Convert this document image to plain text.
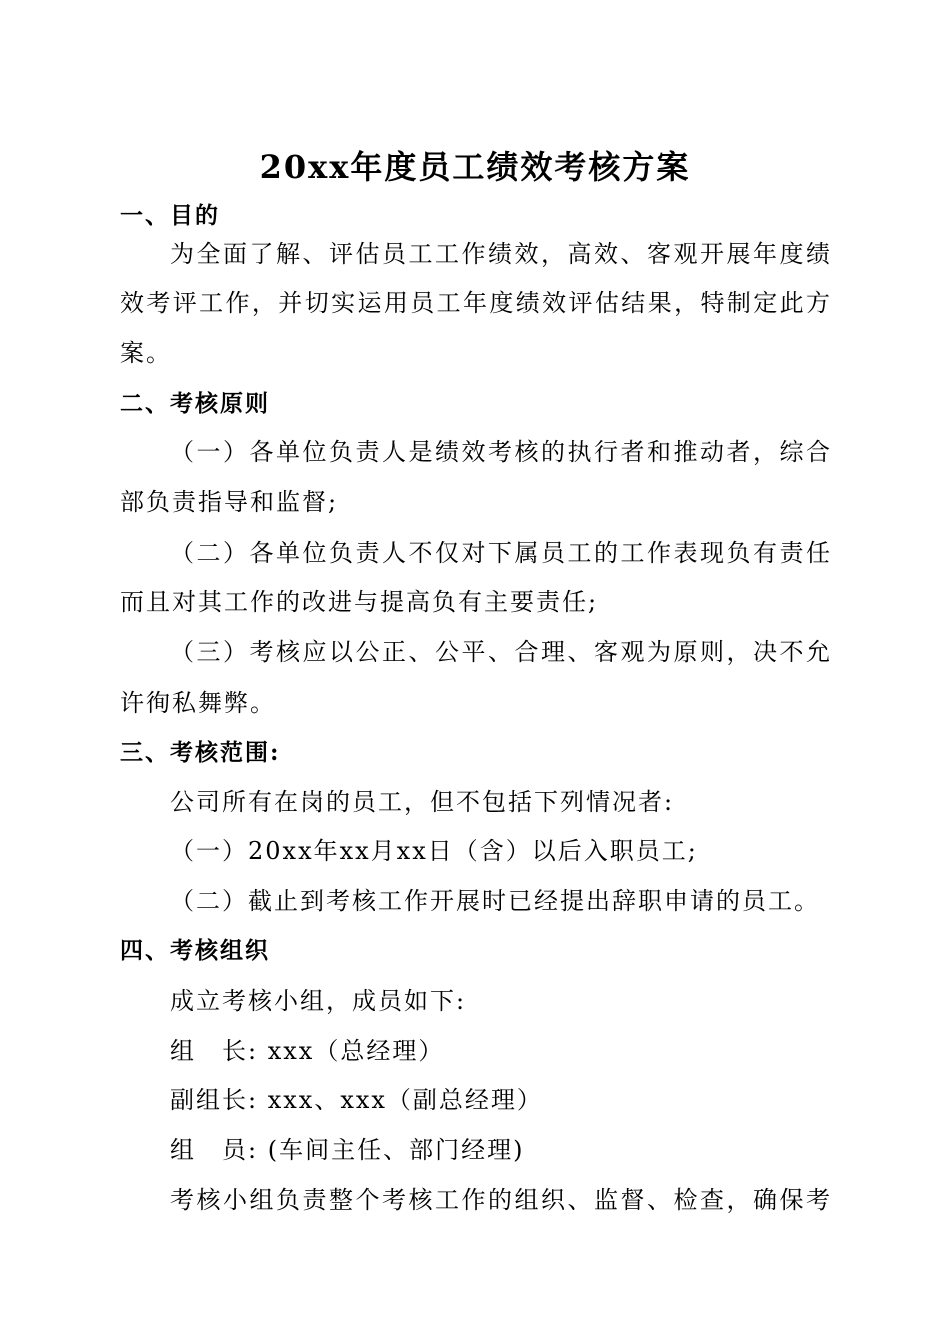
20xx年度员工绩效考核方案
一、目的
为全面了解、评估员工工作绩效，高效、客观开展年度绩
效考评工作，并切实运用员工年度绩效评估结果，特制定此方
案。
二、考核原则
（一）各单位负责人是绩效考核的执行者和推动者，综合
部负责指导和监督;
（二）各单位负责人不仅对下属员工的工作表现负有责任
而且对其工作的改进与提高负有主要责任;
（三）考核应以公正、公平、合理、客观为原则，决不允
许徇私舞弊。
三、考核范围:
公司所有在岗的员工，但不包括下列情况者:
（一）20xx年xx月xx日（含）以后入职员工;
（二）截止到考核工作开展时已经提出辞职申请的员工。
四、考核组织
成立考核小组，成员如下:
组　长: xxx（总经理）
副组长: xxx、xxx（副总经理）
组　员: (车间主任、部门经理)
考核小组负责整个考核工作的组织、监督、检查，确保考
